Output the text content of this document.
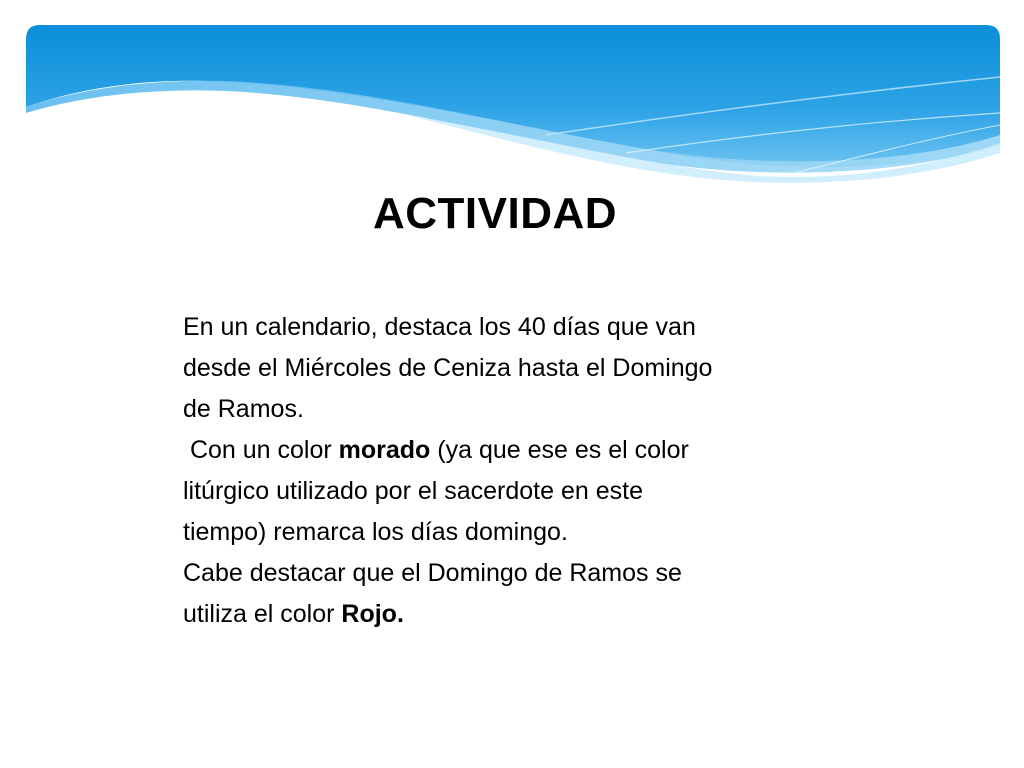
ACTIVIDAD
En un calendario, destaca los 40 días que van
desde el Miércoles de Ceniza hasta el Domingo
de Ramos.
Con un color morado (ya que ese es el color
litúrgico utilizado por el sacerdote en este
tiempo) remarca los días domingo.
Cabe destacar que el Domingo de Ramos se
utiliza el color Rojo.
